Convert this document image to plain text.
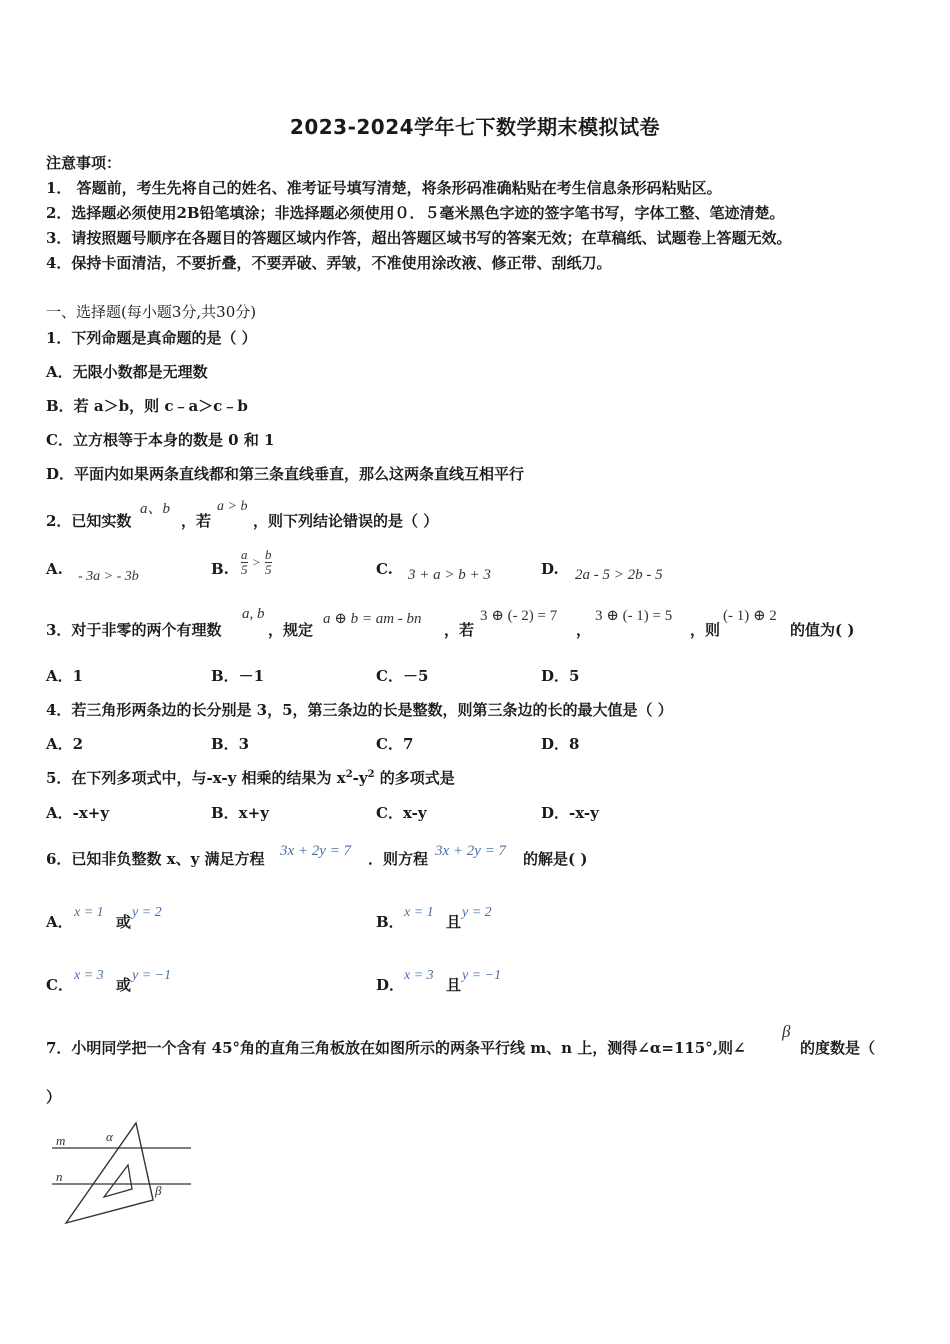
2023-2024学年七下数学期末模拟试卷
注意事项：
1． 答题前，考生先将自己的姓名、准考证号填写清楚，将条形码准确粘贴在考生信息条形码粘贴区。
2．选择题必须使用2B铅笔填涂；非选择题必须使用０．５毫米黑色字迹的签字笔书写，字体工整、笔迹清楚。
3．请按照题号顺序在各题目的答题区域内作答，超出答题区域书写的答案无效；在草稿纸、试题卷上答题无效。
4．保持卡面清洁，不要折叠，不要弄破、弄皱，不准使用涂改液、修正带、刮纸刀。
一、选择题(每小题3分,共30分)
1．下列命题是真命题的是（ ）
A．无限小数都是无理数
B．若 a＞b，则 c﹣a＞c﹣b
C．立方根等于本身的数是 0 和 1
D．平面内如果两条直线都和第三条直线垂直，那么这两条直线互相平行
2．已知实数
a、b
，若
a > b
，则下列结论错误的是（ ）
A. - 3a > - 3b	B. $\frac{a}{5} > \frac{b}{5}$	C. 3 + a > b + 3	D. 2a - 5 > 2b - 5
3．对于非零的两个有理数
a, b
，规定
a ⊕ b = am - bn
，若
3 ⊕ (- 2) = 7
，
3 ⊕ (- 1) = 5
，则
(- 1) ⊕ 2
的值为( )
A．1	B．－1	C．－5	D．5
4．若三角形两条边的长分别是 3，5，第三条边的长是整数，则第三条边的长的最大值是（ ）
A．2	B．3	C．7	D．8
5．在下列多项式中，与-x-y 相乘的结果为 $x^2-y^2$ 的多项式是
A．-x+y	B．x+y	C．x-y	D．-x-y
6．已知非负整数 x、y 满足方程 3x + 2y = 7 ．则方程 3x + 2y = 7 的解是( )
A．
x = 1
或
y = 2
B．
x = 1
且
y = 2
C．
x = 3
或
y = −1
D．
x = 3
且
y = −1
7．小明同学把一个含有 45°角的直角三角板放在如图所示的两条平行线 m、n 上，测得∠α=115°,则∠
β
的度数是（
）
m
n
α
β
